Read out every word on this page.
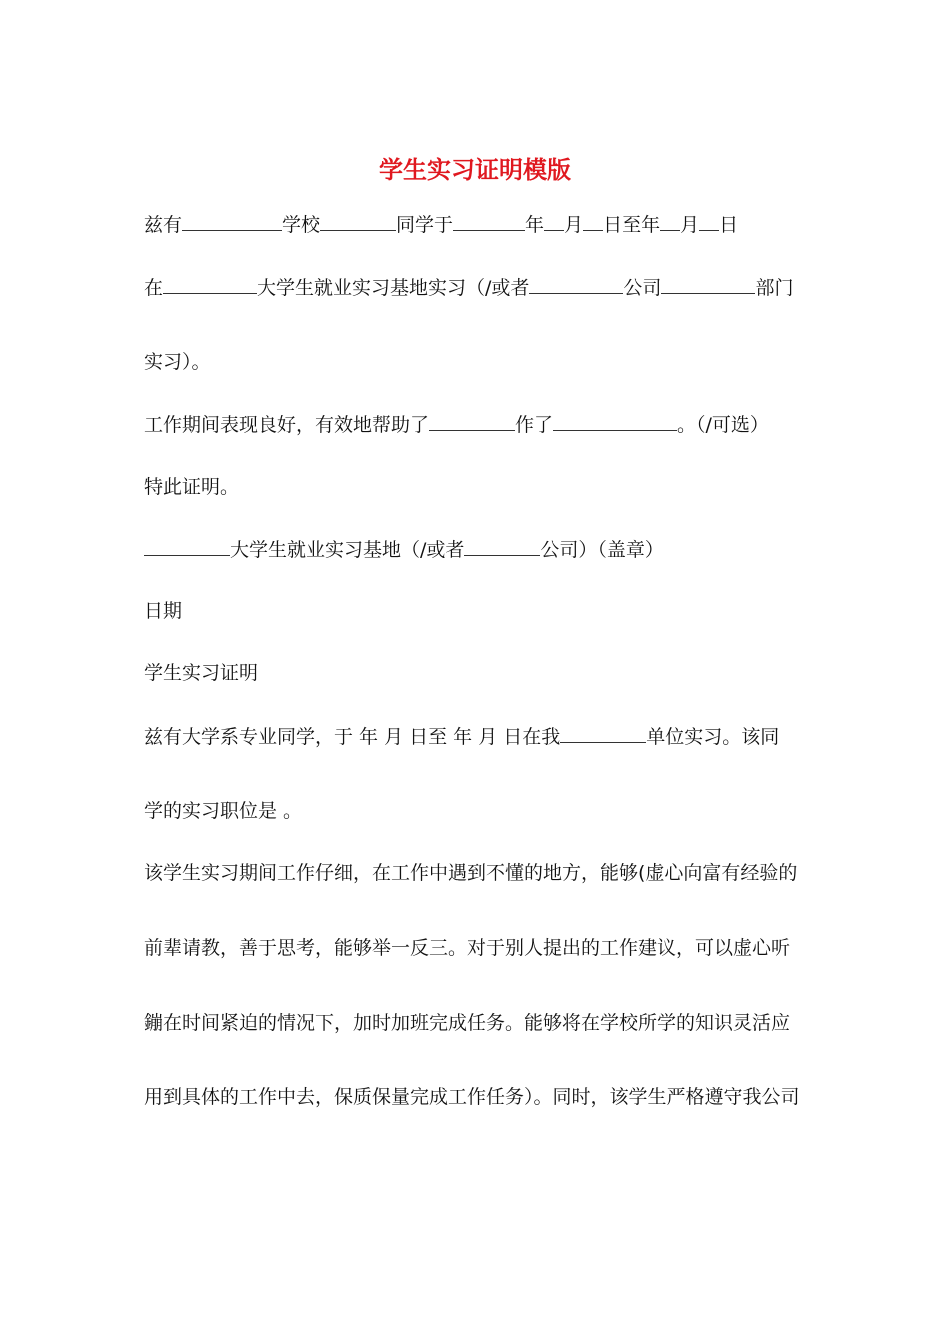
学生实习证明模版
兹有	学校	同学于	年 月 日至年 月 日
在	大学生就业实习基地实习（/或者	公司	部门
实习）。
工作期间表现良好，有效地帮助了	作了	。（/可选）
特此证明。
大学生就业实习基地（/或者	公司）（盖章）
日期
学生实习证明
兹有大学系专业同学，于 年 月 日至 年 月 日在我	单位实习。该同
学的实习职位是 。
该学生实习期间工作仔细，在工作中遇到不懂的地方，能够(虚心向富有经验的
前辈请教，善于思考，能够举一反三。对于别人提出的工作建议，可以虚心听
鏰在时间紧迫的情况下，加时加班完成任务。能够将在学校所学的知识灵活应
用到具体的工作中去，保质保量完成工作任务）。同时，该学生严格遵守我公司
